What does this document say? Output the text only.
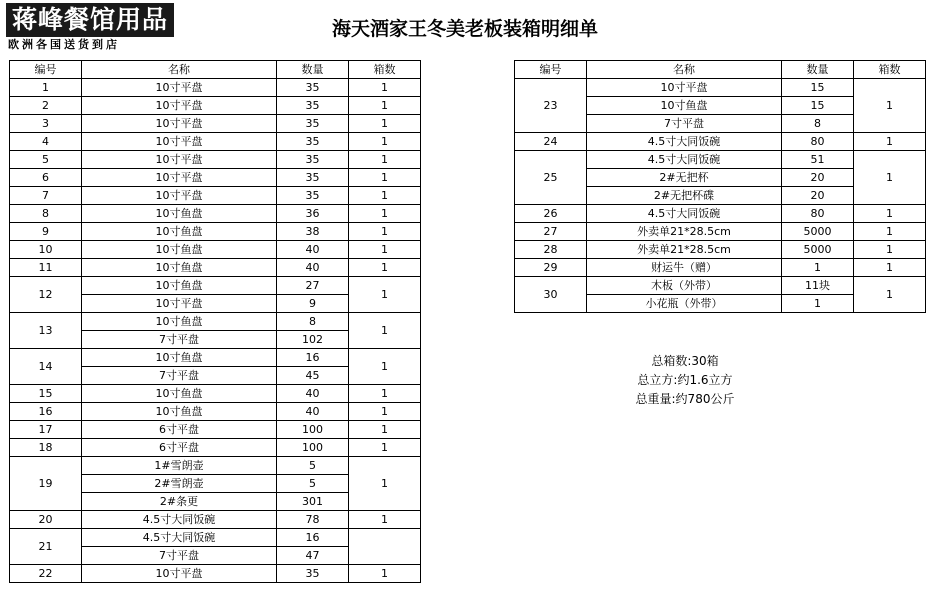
蒋峰餐馆用品
欧洲各国送货到店
海天酒家王冬美老板装箱明细单
编号	名称	数量	箱数
1	10寸平盘	35	1
2	10寸平盘	35	1
3	10寸平盘	35	1
4	10寸平盘	35	1
5	10寸平盘	35	1
6	10寸平盘	35	1
7	10寸平盘	35	1
8	10寸鱼盘	36	1
9	10寸鱼盘	38	1
10	10寸鱼盘	40	1
11	10寸鱼盘	40	1
12	10寸鱼盘	27	1
	10寸平盘	9	
13	10寸鱼盘	8	1
	7寸平盘	102	
14	10寸鱼盘	16	1
	7寸平盘	45	
15	10寸鱼盘	40	1
16	10寸鱼盘	40	1
17	6寸平盘	100	1
18	6寸平盘	100	1
19	1#雪朗壶	5	1
	2#雪朗壶	5	
	2#条更	301	
20	4.5寸大同饭碗	78	1
21	4.5寸大同饭碗	16	
	7寸平盘	47	
22	10寸平盘	35	1
编号	名称	数量	箱数
23	10寸平盘	15	1
	10寸鱼盘	15	
	7寸平盘	8	
24	4.5寸大同饭碗	80	1
25	4.5寸大同饭碗	51	1
	2#无把杯	20	
	2#无把杯碟	20	
26	4.5寸大同饭碗	80	1
27	外卖单21*28.5cm	5000	1
28	外卖单21*28.5cm	5000	1
29	财运牛（赠）	1	1
30	木板（外带）	11块	1
	小花瓶（外带）	1	
总箱数:30箱
总立方:约1.6立方
总重量:约780公斤
